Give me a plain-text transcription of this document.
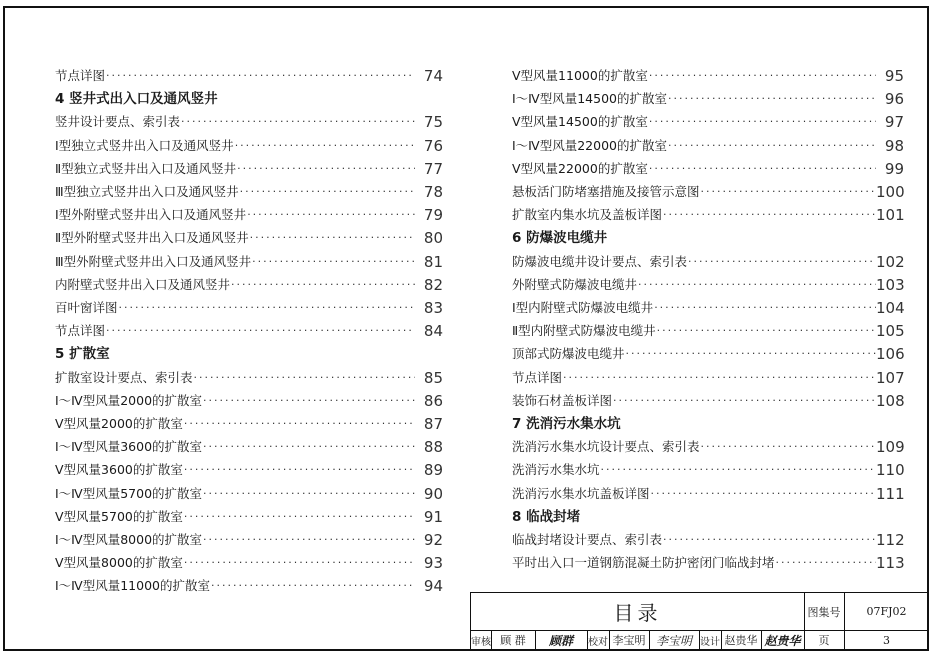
节点详图 ·····	74
4 竖井式出入口及通风竖井
竖井设计要点、索引表 ·····	75
Ⅰ型独立式竖井出入口及通风竖井 ·····	76
Ⅱ型独立式竖井出入口及通风竖井 ·····	77
Ⅲ型独立式竖井出入口及通风竖井 ·····	78
Ⅰ型外附壁式竖井出入口及通风竖井 ·····	79
Ⅱ型外附壁式竖井出入口及通风竖井 ·····	80
Ⅲ型外附壁式竖井出入口及通风竖井 ·····	81
内附壁式竖井出入口及通风竖井 ·····	82
百叶窗详图 ·····	83
节点详图 ·····	84
5 扩散室
扩散室设计要点、索引表 ·····	85
Ⅰ～Ⅳ型风量2000的扩散室 ·····	86
Ⅴ型风量2000的扩散室 ·····	87
Ⅰ～Ⅳ型风量3600的扩散室 ·····	88
Ⅴ型风量3600的扩散室 ·····	89
Ⅰ～Ⅳ型风量5700的扩散室 ·····	90
Ⅴ型风量5700的扩散室 ·····	91
Ⅰ～Ⅳ型风量8000的扩散室 ·····	92
Ⅴ型风量8000的扩散室 ·····	93
Ⅰ～Ⅳ型风量11000的扩散室 ·····	94
Ⅴ型风量11000的扩散室 ·····	95
Ⅰ～Ⅳ型风量14500的扩散室 ·····	96
Ⅴ型风量14500的扩散室 ·····	97
Ⅰ～Ⅳ型风量22000的扩散室 ·····	98
Ⅴ型风量22000的扩散室 ·····	99
悬板活门防堵塞措施及接管示意图 ·····	100
扩散室内集水坑及盖板详图 ·····	101
6 防爆波电缆井
防爆波电缆井设计要点、索引表 ·····	102
外附壁式防爆波电缆井 ·····	103
Ⅰ型内附壁式防爆波电缆井 ·····	104
Ⅱ型内附壁式防爆波电缆井 ·····	105
顶部式防爆波电缆井 ·····	106
节点详图 ·····	107
装饰石材盖板详图 ·····	108
7 洗消污水集水坑
洗消污水集水坑设计要点、索引表 ·····	109
洗消污水集水坑 ·····	110
洗消污水集水坑盖板详图 ·····	111
8 临战封堵
临战封堵设计要点、索引表 ·····	112
平时出入口一道钢筋混凝土防护密闭门临战封堵 ·····	113
目录	图集号	07FJ02
页	3
审核 顾 群	顾群	校对 李宝明 李宝明 设计 赵贵华 赵贵华
